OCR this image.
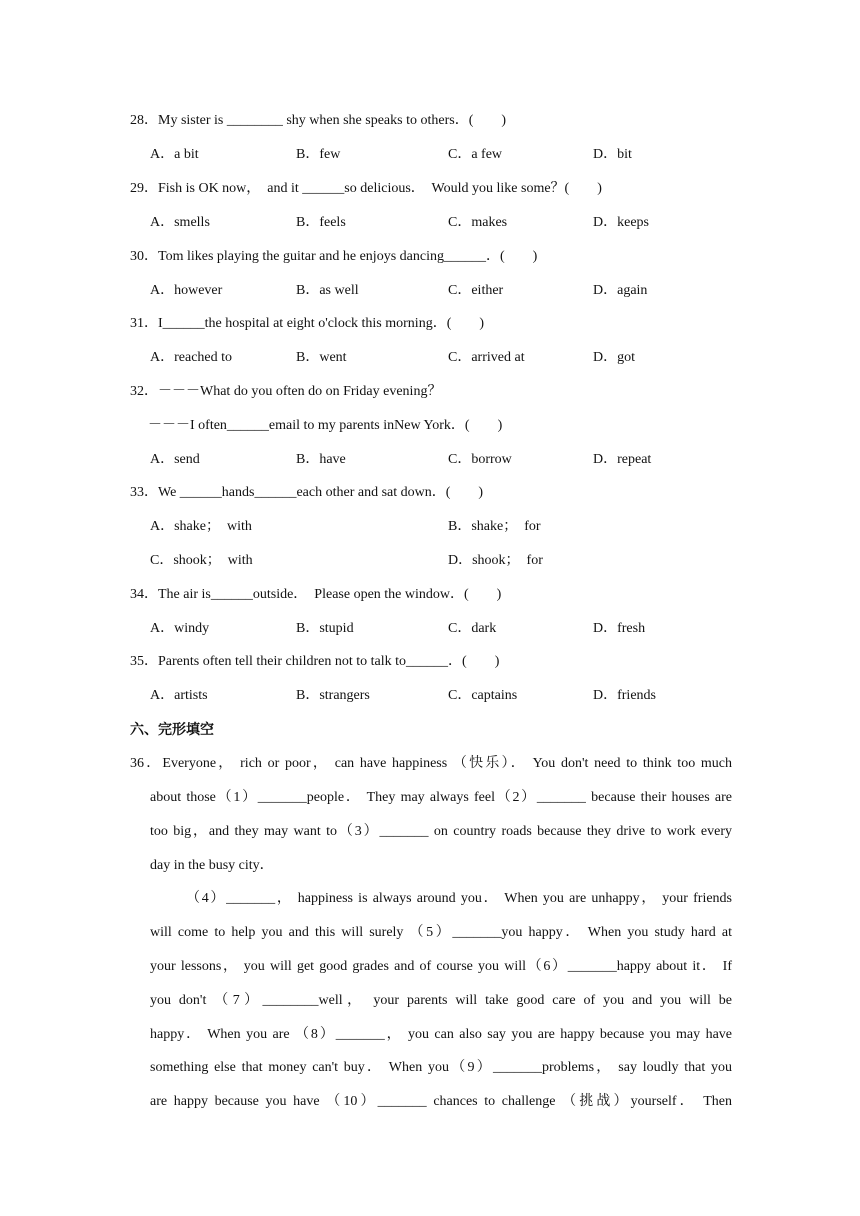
28．My sister is ________ shy when she speaks to others．(　　)
A．a bit	B．few	C．a few	D．bit
29．Fish is OK now，  and it ______so delicious．  Would you like some？(　　)
A．smells	B．feels	C．makes	D．keeps
30．Tom likes playing the guitar and he enjoys dancing______．(　　)
A．however	B．as well	C．either	D．again
31．I______the hospital at eight o'clock this morning．(　　)
A．reached to	B．went	C．arrived at	D．got
32．－－－What do you often do on Friday evening？
－－－I often______email to my parents inNew York．(　　)
A．send	B．have	C．borrow	D．repeat
33．We ______hands______each other and sat down．(　　)
A．shake；  with	B．shake；  for
C．shook；  with	D．shook；  for
34．The air is______outside．  Please open the window．(　　)
A．windy	B．stupid	C．dark	D．fresh
35．Parents often tell their children not to talk to______．(　　)
A．artists	B．strangers	C．captains	D．friends
六、完形填空
36．Everyone， rich or poor， can have happiness （快乐）． You don't need to think too much
about those（1）_______people． They may always feel（2）_______ because their houses are
too big，and they may want to（3）_______ on country roads because they drive to work every
day in the busy city．
（4）_______， happiness is always around you． When you are unhappy， your friends
will come to help you and this will surely （5）_______you happy． When you study hard at
your lessons， you will get good grades and of course you will（6）_______happy about it． If
you don't （7）________well， your parents will take good care of you and you will be
happy． When you are （8）_______， you can also say you are happy because you may have
something else that money can't buy． When you（9）_______problems， say loudly that you
are happy because you have （10）_______ chances to challenge （挑战）yourself． Then
